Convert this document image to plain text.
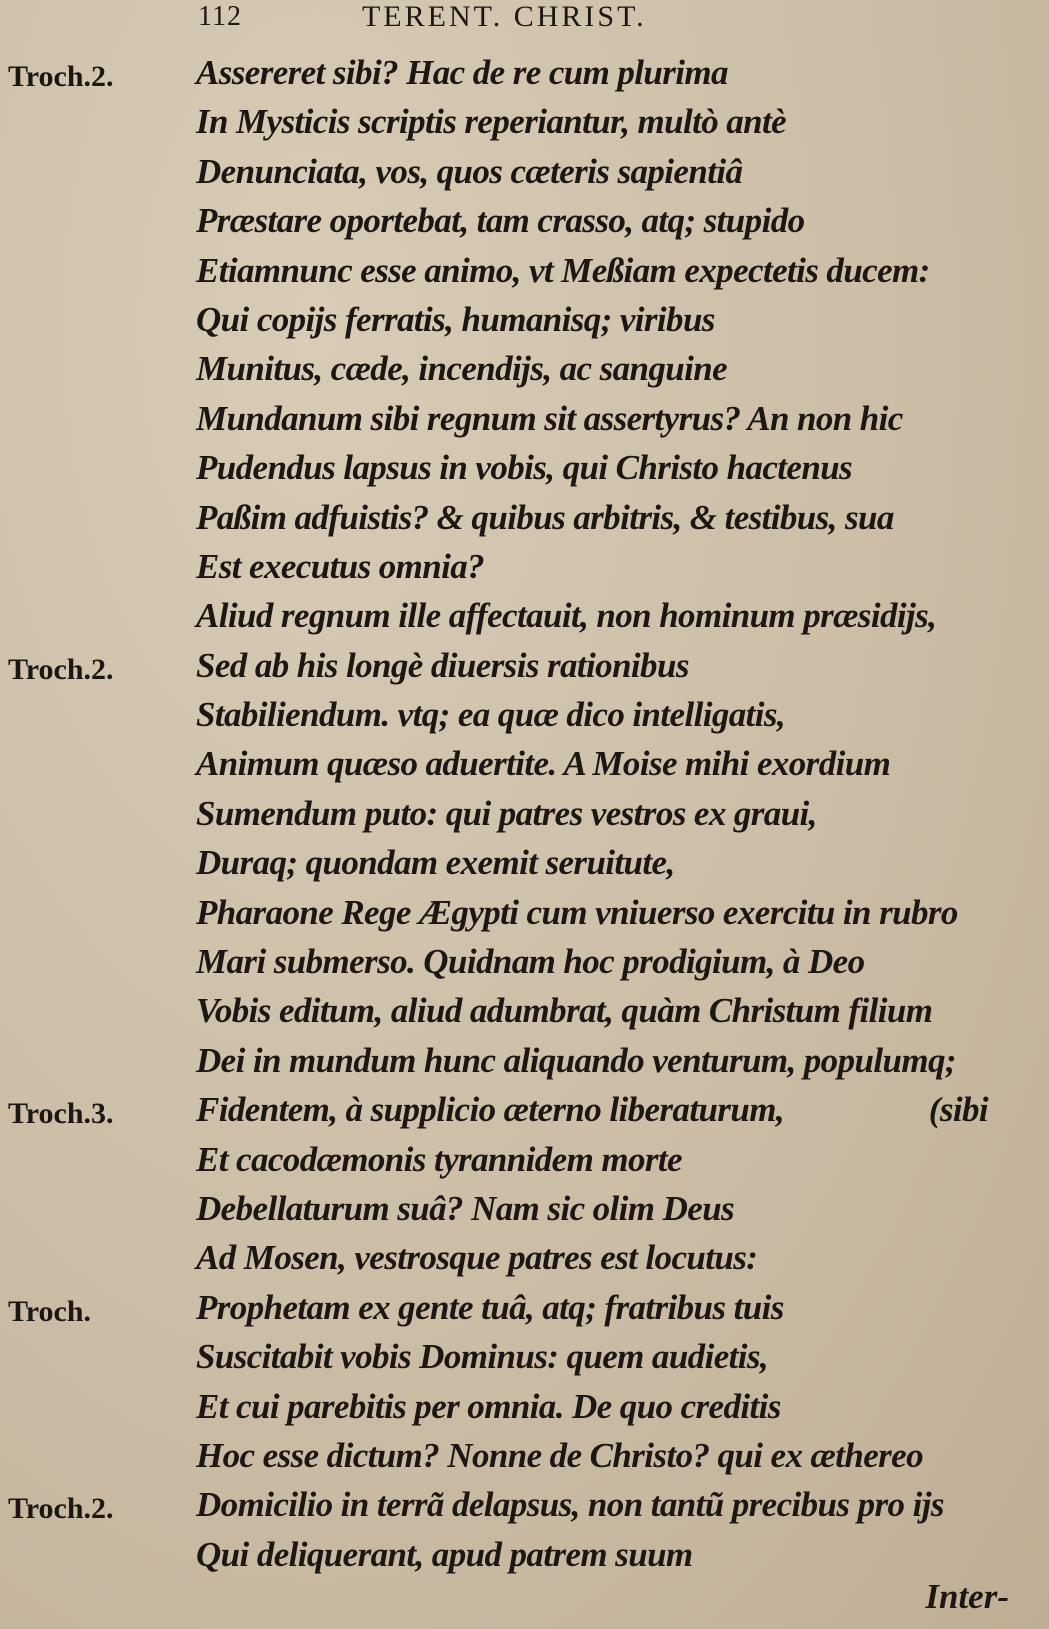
112	TERENT. CHRIST.
Assereret sibi? Hac de re cum plurima
Troch.2.
In Mysticis scriptis reperiantur, multò antè
Denunciata, vos, quos cæteris sapientiâ
Præstare oportebat, tam crasso, atq; stupido
Etiamnunc esse animo, vt Meßiam expectetis ducem:
Qui copijs ferratis, humanisq; viribus
Munitus, cæde, incendijs, ac sanguine
Mundanum sibi regnum sit assertyrus? An non hic
Pudendus lapsus in vobis, qui Christo hactenus
Paßim adfuistis? & quibus arbitris, & testibus, sua
Est executus omnia?
Aliud regnum ille affectauit, non hominum præsidijs,
Sed ab his longè diuersis rationibus
Troch.2.
Stabiliendum. vtq; ea quæ dico intelligatis,
Animum quæso aduertite. A Moise mihi exordium
Sumendum puto: qui patres vestros ex graui,
Duraq; quondam exemit seruitute,
Pharaone Rege Ægypti cum vniuerso exercitu in rubro
Mari submerso. Quidnam hoc prodigium, à Deo
Vobis editum, aliud adumbrat, quàm Christum filium
Dei in mundum hunc aliquando venturum, populumq;
Fidentem, à supplicio æterno liberaturum,
Troch.3.	(sibi
Et cacodæmonis tyrannidem morte
Debellaturum suâ? Nam sic olim Deus
Ad Mosen, vestrosque patres est locutus:
Prophetam ex gente tuâ, atq; fratribus tuis
Troch.
Suscitabit vobis Dominus: quem audietis,
Et cui parebitis per omnia. De quo creditis
Hoc esse dictum? Nonne de Christo? qui ex æthereo
Domicilio in terrã delapsus, non tantũ precibus pro ijs
Troch.2.
Qui deliquerant, apud patrem suum
Inter-
